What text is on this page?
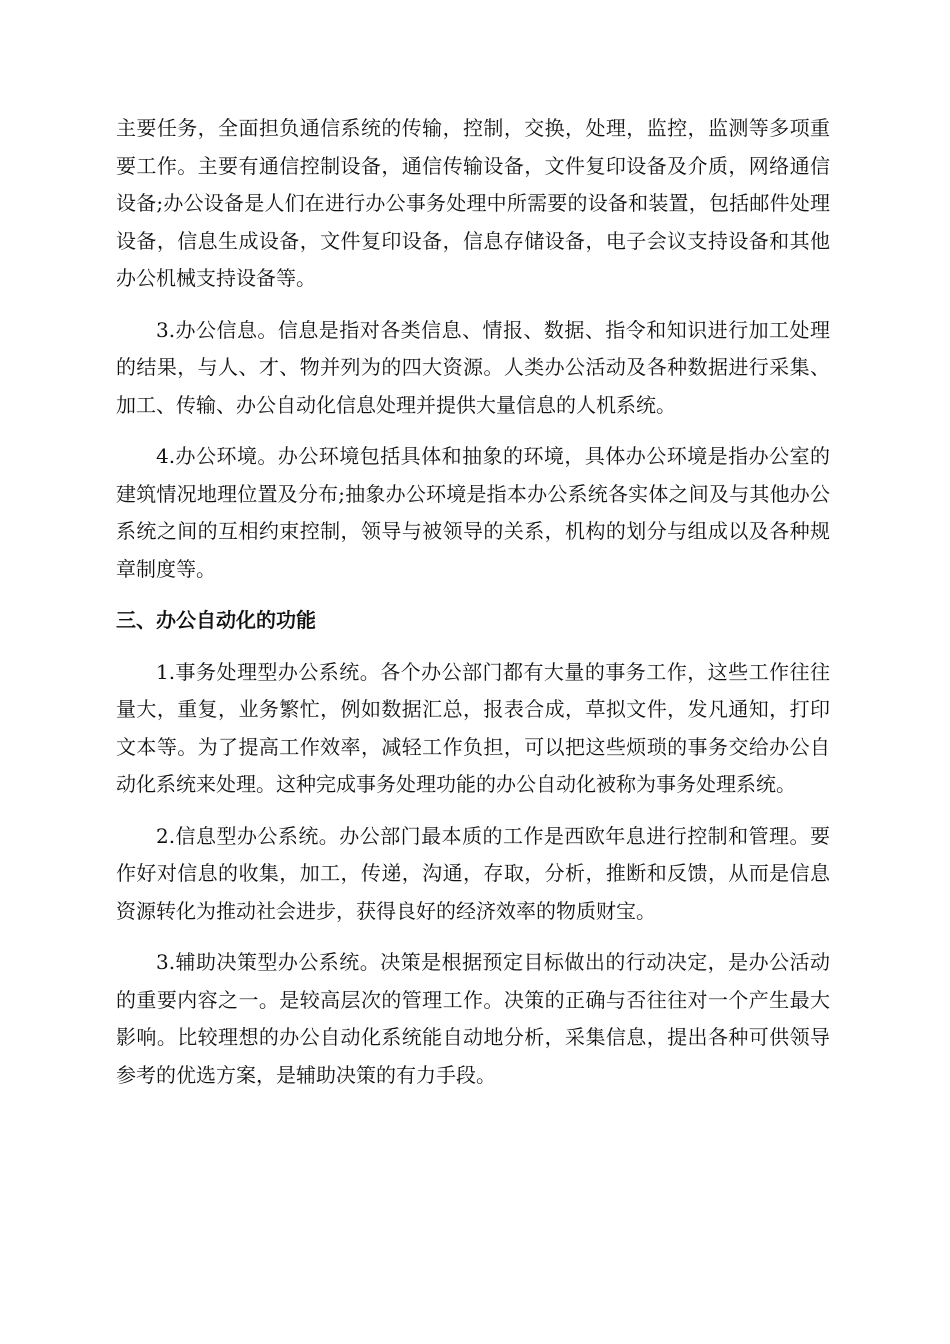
主要任务，全面担负通信系统的传输，控制，交换，处理，监控，监测等多项重要工作。主要有通信控制设备，通信传输设备，文件复印设备及介质，网络通信设备;办公设备是人们在进行办公事务处理中所需要的设备和装置，包括邮件处理设备，信息生成设备，文件复印设备，信息存储设备，电子会议支持设备和其他办公机械支持设备等。

3.办公信息。信息是指对各类信息、情报、数据、指令和知识进行加工处理的结果，与人、才、物并列为的四大资源。人类办公活动及各种数据进行采集、加工、传输、办公自动化信息处理并提供大量信息的人机系统。

4.办公环境。办公环境包括具体和抽象的环境，具体办公环境是指办公室的建筑情况地理位置及分布;抽象办公环境是指本办公系统各实体之间及与其他办公系统之间的互相约束控制，领导与被领导的关系，机构的划分与组成以及各种规章制度等。

三、办公自动化的功能

1.事务处理型办公系统。各个办公部门都有大量的事务工作，这些工作往往量大，重复，业务繁忙，例如数据汇总，报表合成，草拟文件，发凡通知，打印文本等。为了提高工作效率，减轻工作负担，可以把这些烦琐的事务交给办公自动化系统来处理。这种完成事务处理功能的办公自动化被称为事务处理系统。

2.信息型办公系统。办公部门最本质的工作是西欧年息进行控制和管理。要作好对信息的收集，加工，传递，沟通，存取，分析，推断和反馈，从而是信息资源转化为推动社会进步，获得良好的经济效率的物质财宝。

3.辅助决策型办公系统。决策是根据预定目标做出的行动决定，是办公活动的重要内容之一。是较高层次的管理工作。决策的正确与否往往对一个产生最大影响。比较理想的办公自动化系统能自动地分析，采集信息，提出各种可供领导参考的优选方案，是辅助决策的有力手段。
